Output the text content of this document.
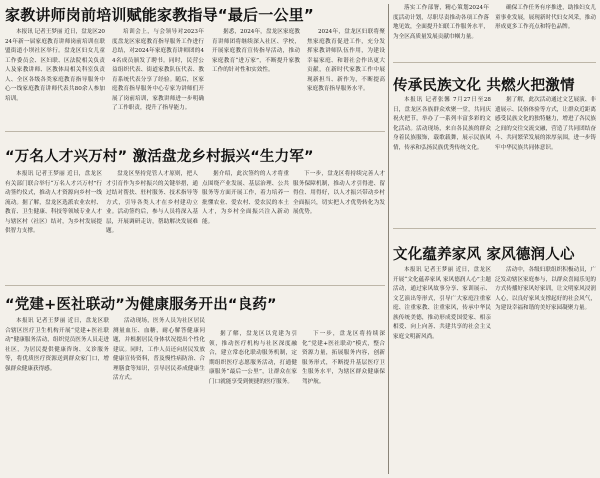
家教讲师岗前培训赋能家教指导“最后一公里”
本报讯 记者王梦丽 近日，盘龙区2024年新一届家庭教育讲师岗前培训在联盟街道小坝社区举行。盘龙区妇女儿童工作委员会、区妇联、区法院相关负责人及家教讲师、区教体局相关科室负责人、全区各级各类家庭教育指导服务中心一线家庭教育讲师代表共80余人参加培训。
培训会上，与会领导对2023年度盘龙区家庭教育指导服务工作进行总结，对2024年家庭教育讲师团的44名成员颁发了聘书。同时，民营公益组织代表、街道家教队伍代表、教育系统代表分享了经验。随后，区家庭教育指导服务中心专家为讲师们开展了岗前培训，家教讲师进一步明确了工作职责，提升了指导能力。
据悉，2024年，盘龙区家庭教育讲师团将继续深入社区、学校，开展家庭教育宣传指导活动，推动家庭教育“进万家”，不断提升家教工作的针对性和实效性。
2024年，盘龙区妇联将聚焦家庭教育促进工作，充分发挥家教讲师队伍作用，为建设幸福家庭、和谐社会作出更大贡献，在新时代家教工作中展现新担当、新作为，不断提高家庭教育指导服务水平。
“万名人才兴万村” 激活盘龙乡村振兴“生力军”
本报讯 记者王梦丽 近日，盘龙区有关部门联合举行“万名人才兴万村”行动签约仪式，推动人才资源向乡村一线流动。据了解，盘龙区选派农业农村、教育、卫生健康、科技等领域专业人才与辖区村（社区）结对，为乡村发展提供智力支撑。
盘龙区坚持党管人才原则，把人才引育作为乡村振兴的关键举措，通过结对帮扶、驻村服务、技术指导等方式，引导各类人才在乡村建功立业。活动签约后，参与人员将深入基层，开展调研走访，帮助解决发展难题。
据介绍，此次签约的人才将重点围绕产业发展、基层治理、公共服务等方面开展工作，着力培养一批懂农业、爱农村、爱农民的本土人才，为乡村全面振兴注入新动能。
下一步，盘龙区将持续完善人才服务保障机制，推动人才引得进、留得住、用得好，以人才振兴带动乡村全面振兴，切实把人才优势转化为发展优势。
“党建+医社联动”为健康服务开出“良药”
本报讯 记者王梦丽 近日，盘龙区联合辖区医疗卫生机构开展“党建+医社联动”健康服务活动，组织党员医务人员走进社区，为居民提供健康咨询、义诊服务等，将优质医疗资源送到群众家门口，增强群众健康获得感。
活动现场，医务人员为社区居民测量血压、血糖，耐心解答健康问题，并根据居民身体状况提出个性化建议。同时，工作人员还向居民发放健康宣传资料，普及慢性病防治、合理膳食等知识，引导居民养成健康生活方式。
据了解，盘龙区以党建为引领，推动医疗机构与社区深度融合，建立常态化联动服务机制，定期组织医疗志愿服务活动，打通健康服务“最后一公里”，让群众在家门口就能享受到便捷的医疗服务。
下一步，盘龙区将持续深化“党建+医社联动”模式，整合资源力量，拓展服务内容，创新服务形式，不断提升基层医疗卫生服务水平，为辖区群众健康保驾护航。
落实工作部署，精心策划2024年度活动计划，尽职尽责推动各项工作落地见效，全面提升妇联工作服务水平，为全区高质量发展贡献巾帼力量。
确保工作任务有序推进，助推妇女儿童事业发展，展现新时代妇女风采，推动形成更多工作亮点和特色品牌。
传承民族文化 共燃火把激情
本报讯 记者张馨 7月27日至28日，盘龙区各族群众欢聚一堂，共同庆祝火把节，举办了一系列丰富多彩的文化活动。活动现场，来自各民族的群众身着民族服饰，载歌载舞，展示民族风情，传承和弘扬民族优秀传统文化。
据了解，此次活动通过文艺展演、非遗展示、民俗体验等方式，让群众近距离感受民族文化的独特魅力，增进了各民族之间的交往交流交融，营造了共同团结奋斗、共同繁荣发展的浓厚氛围，进一步铸牢中华民族共同体意识。
文化蕴养家风 家风德润人心
本报讯 记者王梦丽 近日，盘龙区开展“文化蕴养家风 家风德润人心”主题活动，通过家风故事分享、家训展示、文艺演出等形式，引导广大家庭注重家庭、注重家教、注重家风，传承中华民族传统美德，推动形成爱国爱家、相亲相爱、向上向善、共建共享的社会主义家庭文明新风尚。
活动中，各级妇联组织积极动员，广泛发动辖区家庭参与，以群众喜闻乐见的方式传播好家风好家训，让文明家风浸润人心，以良好家风支撑起好的社会风气，为建设幸福和谐的美好家园凝聚力量。
